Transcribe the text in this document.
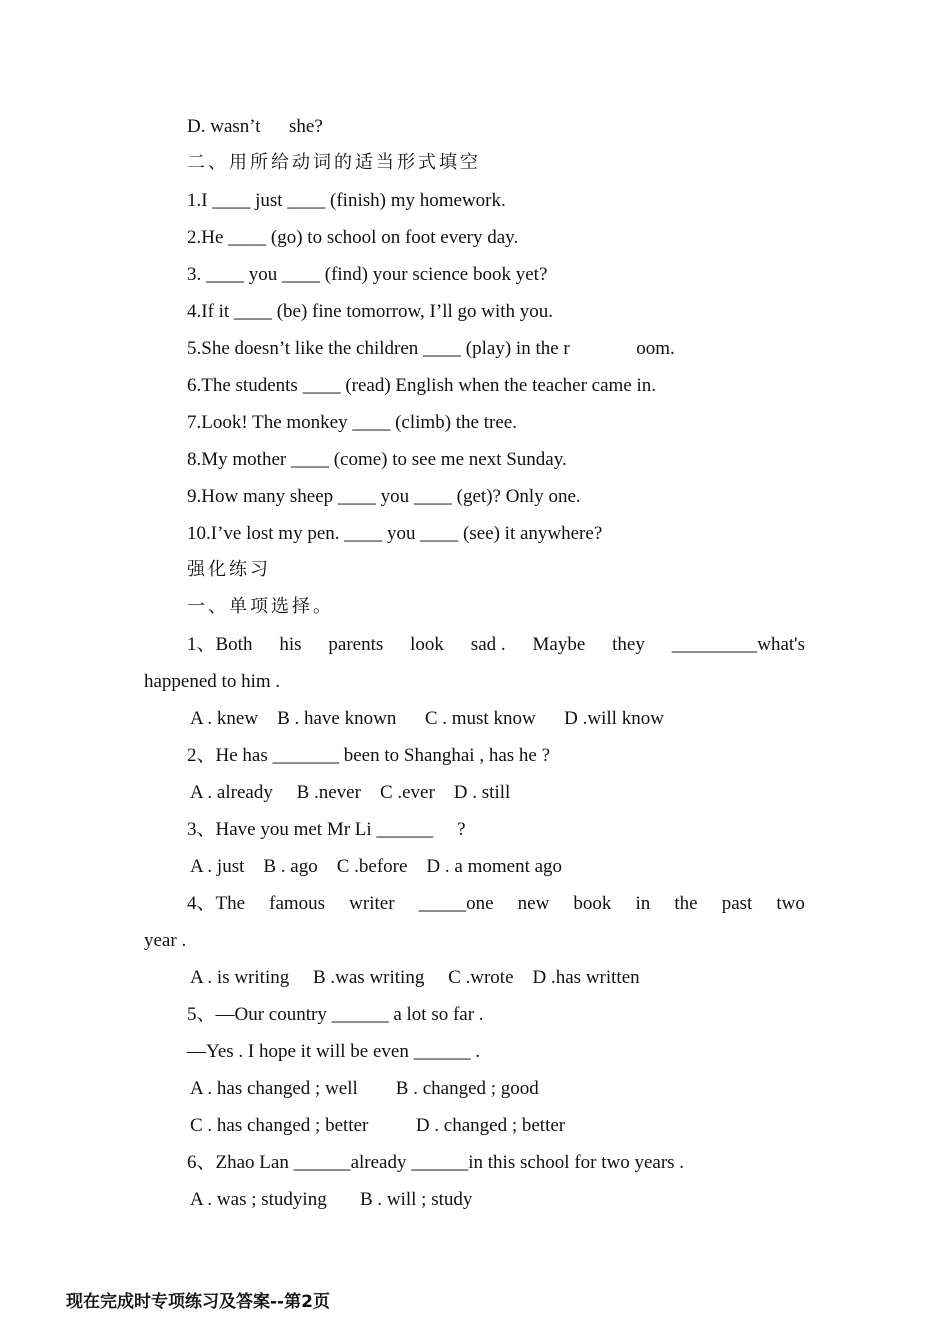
D. wasn’t      she?
二、用所给动词的适当形式填空
1.I ____ just ____ (finish) my homework.
2.He ____ (go) to school on foot every day.
3. ____ you ____ (find) your science book yet?
4.If it ____ (be) fine tomorrow, I’ll go with you.
5.She doesn’t like the children ____ (play) in the r              oom.
6.The students ____ (read) English when the teacher came in.
7.Look! The monkey ____ (climb) the tree.
8.My mother ____ (come) to see me next Sunday.
9.How many sheep ____ you ____ (get)? Only one.
10.I’ve lost my pen. ____ you ____ (see) it anywhere?
强化练习
一、单项选择。
1、Both his parents look sad . Maybe they _________what's
happened to him .
A . knew    B . have known      C . must know      D .will know
2、He has _______ been to Shanghai , has he ?
A . already     B .never    C .ever    D . still
3、Have you met Mr Li ______     ?
A . just    B . ago    C .before    D . a moment ago
4、The famous writer _____one new book in the past two
year .
A . is writing     B .was writing     C .wrote    D .has written
5、—Our country ______ a lot so far .
—Yes . I hope it will be even ______ .
A . has changed ; well        B . changed ; good
C . has changed ; better          D . changed ; better
6、Zhao Lan ______already ______in this school for two years .
A . was ; studying       B . will ; study
现在完成时专项练习及答案--第2页
